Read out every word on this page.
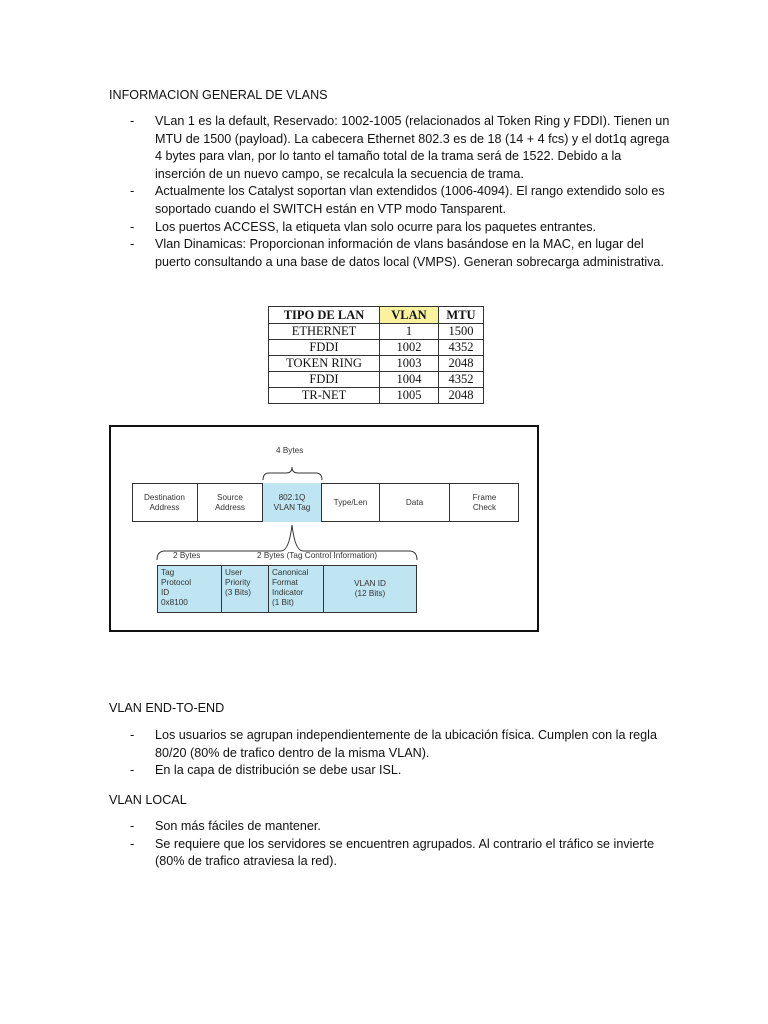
INFORMACION GENERAL DE VLANS
- VLan 1 es la default, Reservado: 1002-1005 (relacionados al Token Ring y FDDI). Tienen un MTU de 1500 (payload). La cabecera Ethernet 802.3 es de 18 (14 + 4 fcs) y el dot1q agrega 4 bytes para vlan, por lo tanto el tamaño total de la trama será de 1522. Debido a la inserción de un nuevo campo, se recalcula la secuencia de trama.
- Actualmente los Catalyst soportan vlan extendidos (1006-4094). El rango extendido solo es soportado cuando el SWITCH están en VTP modo Tansparent.
- Los puertos ACCESS, la etiqueta vlan solo ocurre para los paquetes entrantes.
- Vlan Dinamicas: Proporcionan información de vlans basándose en la MAC, en lugar del puerto consultando a una base de datos local (VMPS). Generan sobrecarga administrativa.
TIPO DE LAN	VLAN	MTU
ETHERNET	1	1500
FDDI	1002	4352
TOKEN RING	1003	2048
FDDI	1004	4352
TR-NET	1005	2048
4 Bytes
Destination
Address
Source
Address
802.1Q
VLAN Tag
Type/Len	Data
Frame
Check
2 Bytes	2 Bytes (Tag Control Information)
Tag
Protocol
ID
0x8100
User
Priority
(3 Bits)
Canonical
Format
Indicator
(1 Bit)
VLAN ID
(12 Bits)
VLAN END-TO-END
- Los usuarios se agrupan independientemente de la ubicación física. Cumplen con la regla 80/20 (80% de trafico dentro de la misma VLAN).
- En la capa de distribución se debe usar ISL.
VLAN LOCAL
- Son más fáciles de mantener.
- Se requiere que los servidores se encuentren agrupados. Al contrario el tráfico se invierte (80% de trafico atraviesa la red).
